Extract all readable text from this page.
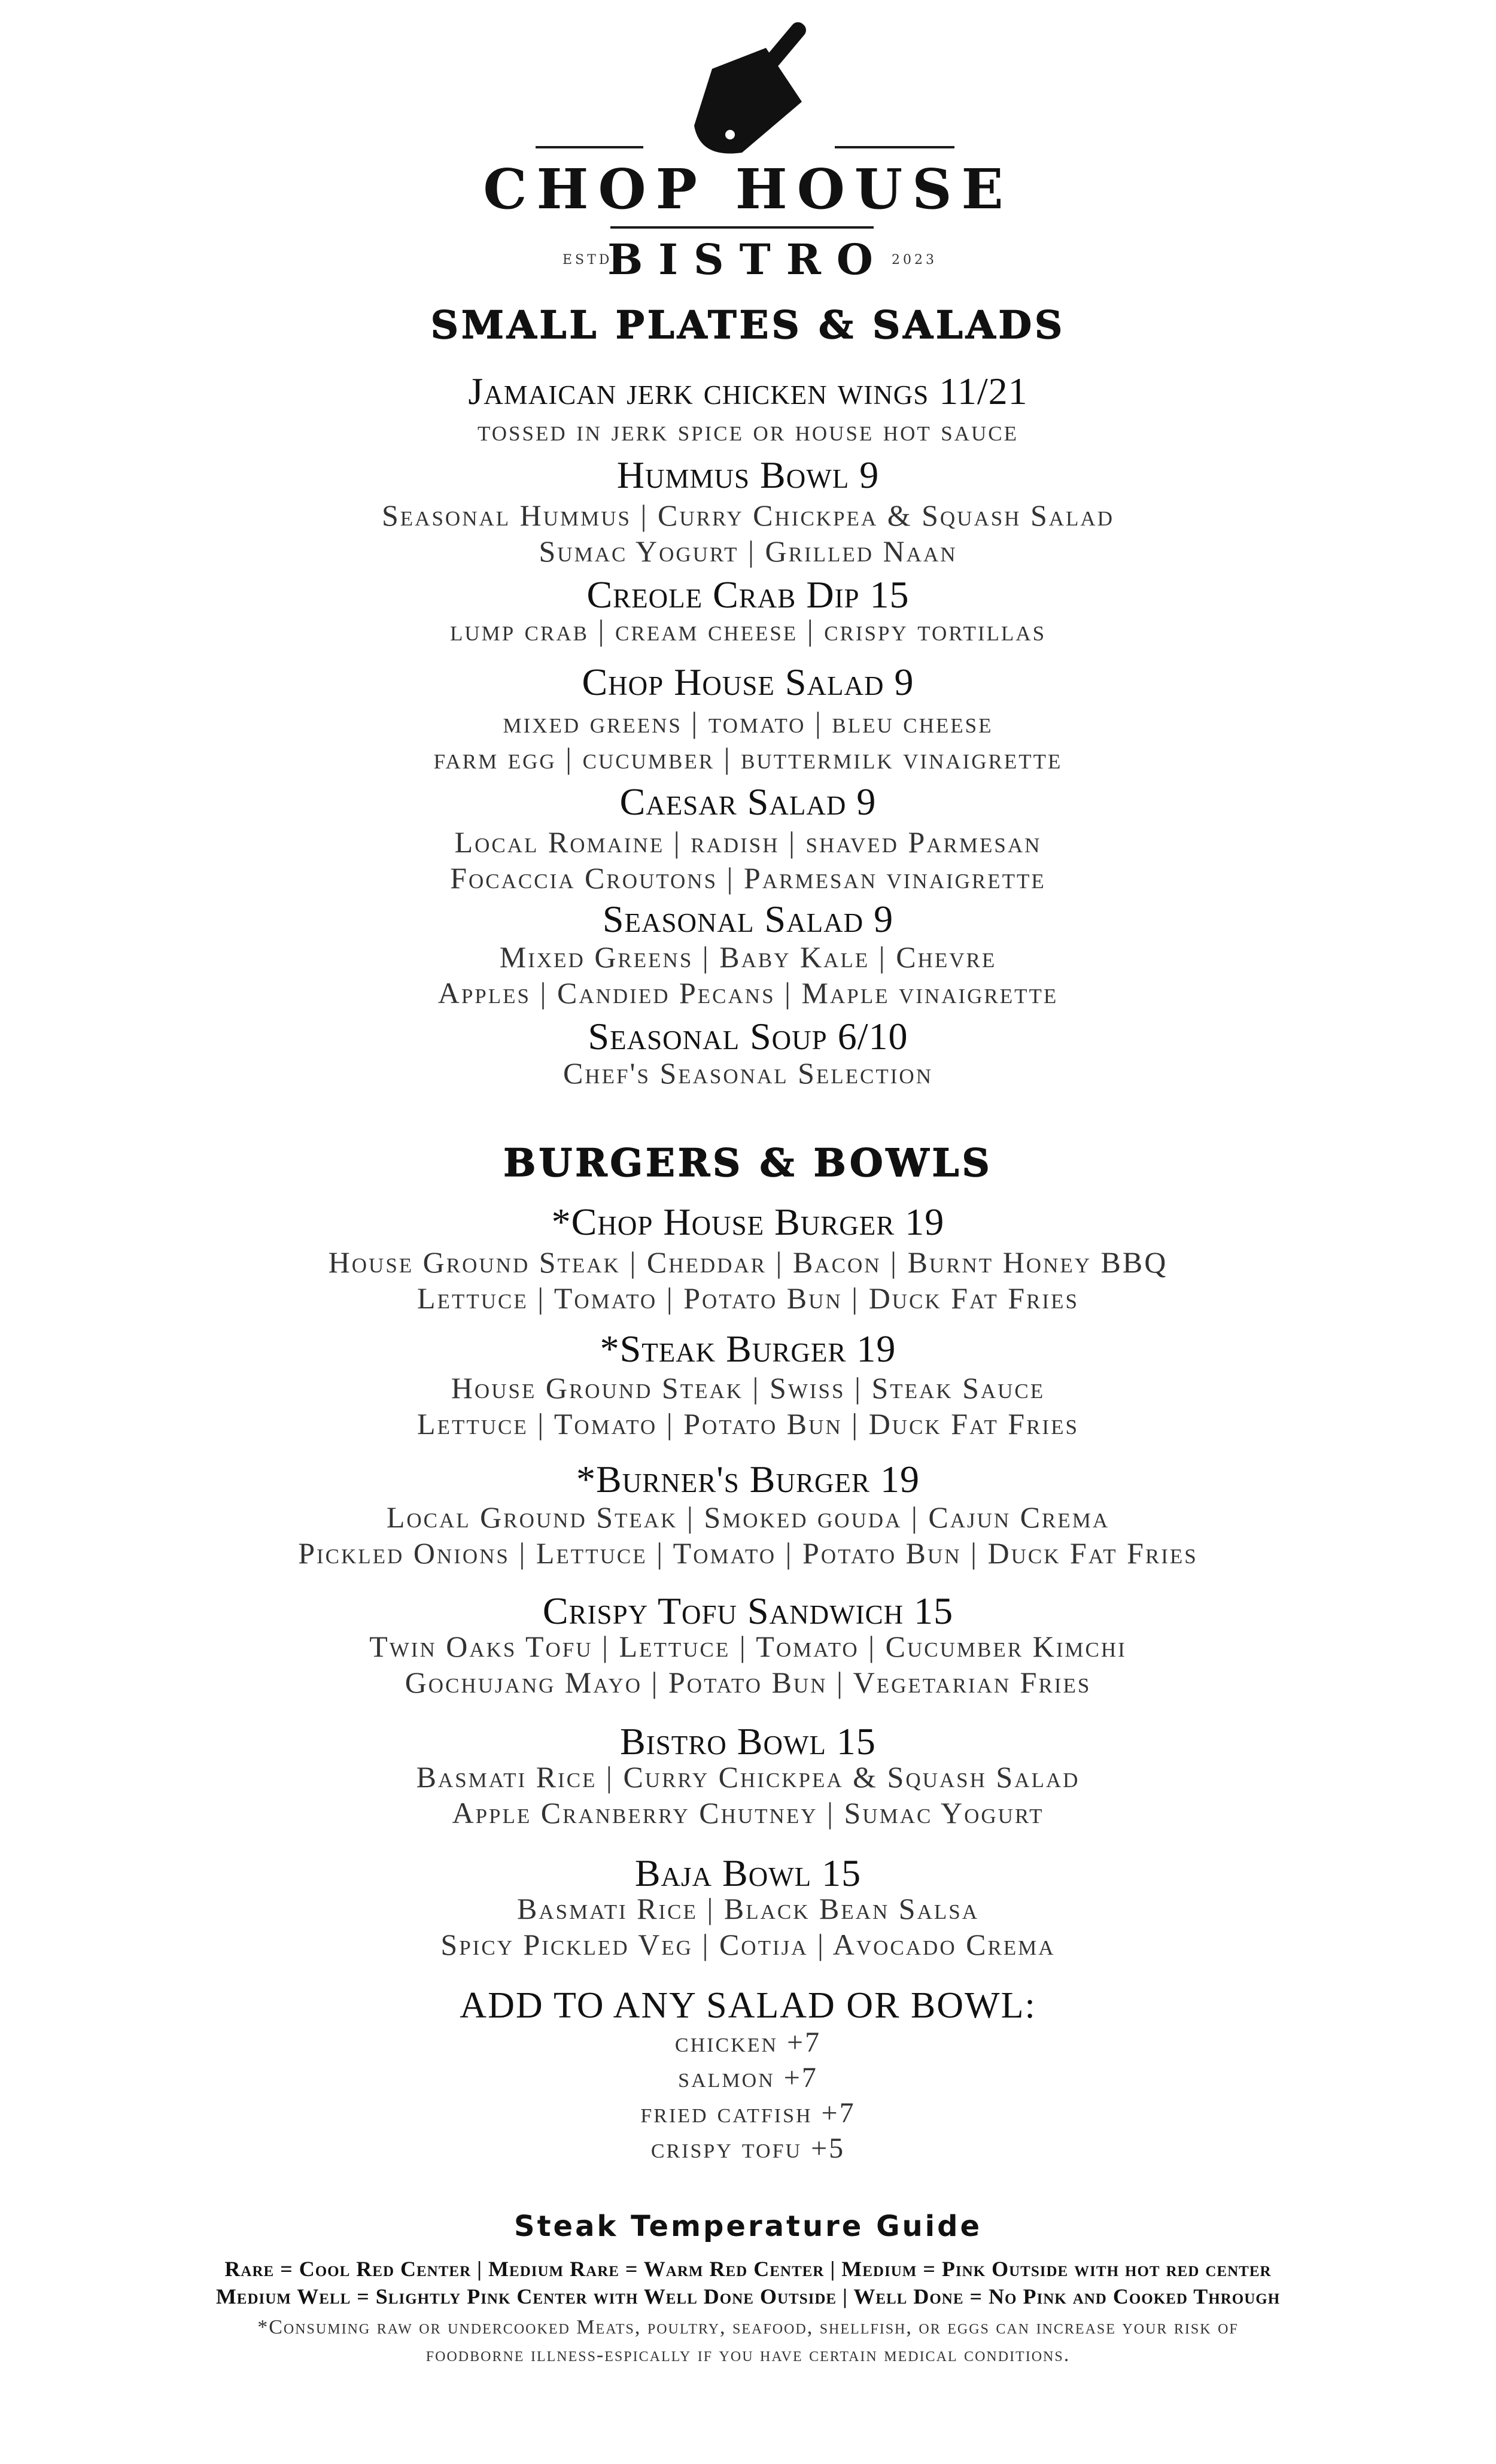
CHOP HOUSE
ESTD
BISTRO 2023
SMALL PLATES & SALADS
Jamaican jerk chicken wings 11/21
tossed in jerk spice or house hot sauce
Hummus Bowl 9
Seasonal Hummus | Curry Chickpea & Squash Salad
Sumac Yogurt | Grilled Naan
Creole Crab Dip 15
lump crab | cream cheese | crispy tortillas
Chop House Salad 9
mixed greens | tomato | bleu cheese
farm egg | cucumber | buttermilk vinaigrette
Caesar Salad 9
Local Romaine | radish | shaved Parmesan
Focaccia Croutons | Parmesan vinaigrette
Seasonal Salad 9
Mixed Greens | Baby Kale | Chevre
Apples | Candied Pecans | Maple vinaigrette
Seasonal Soup 6/10
Chef's Seasonal Selection
BURGERS & BOWLS
*Chop House Burger 19
House Ground Steak | Cheddar | Bacon | Burnt Honey BBQ
Lettuce | Tomato | Potato Bun | Duck Fat Fries
*Steak Burger 19
House Ground Steak | Swiss | Steak Sauce
Lettuce | Tomato | Potato Bun | Duck Fat Fries
*Burner's Burger 19
Local Ground Steak | Smoked gouda | Cajun Crema
Pickled Onions | Lettuce | Tomato | Potato Bun | Duck Fat Fries
Crispy Tofu Sandwich 15
Twin Oaks Tofu | Lettuce | Tomato | Cucumber Kimchi
Gochujang Mayo | Potato Bun | Vegetarian Fries
Bistro Bowl 15
Basmati Rice | Curry Chickpea & Squash Salad
Apple Cranberry Chutney | Sumac Yogurt
Baja Bowl 15
Basmati Rice | Black Bean Salsa
Spicy Pickled Veg | Cotija | Avocado Crema
ADD TO ANY SALAD OR BOWL:
chicken +7
salmon +7
fried catfish +7
crispy tofu +5
Steak Temperature Guide
Rare = Cool Red Center | Medium Rare = Warm Red Center | Medium = Pink Outside with hot red center
Medium Well = Slightly Pink Center with Well Done Outside | Well Done = No Pink and Cooked Through
*Consuming raw or undercooked Meats, poultry, seafood, shellfish, or eggs can increase your risk of
foodborne illness-espically if you have certain medical conditions.
